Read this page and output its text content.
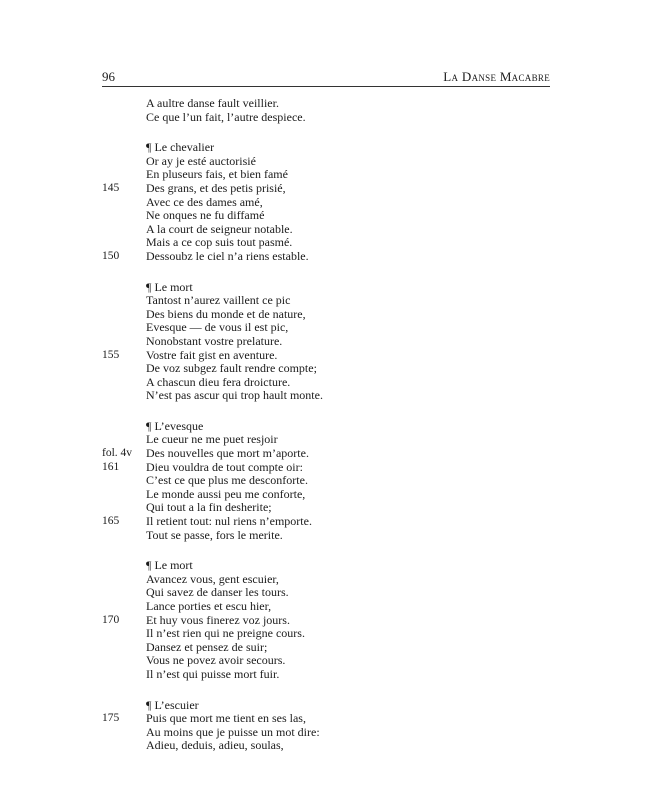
96	La Danse Macabre
A aultre danse fault veillier.
Ce que l’un fait, l’autre despiece.
¶ Le chevalier
Or ay je esté auctorisié
En pluseurs fais, et bien famé
145	Des grans, et des petis prisié,
Avec ce des dames amé,
Ne onques ne fu diffamé
A la court de seigneur notable.
Mais a ce cop suis tout pasmé.
150	Dessoubz le ciel n’a riens estable.
¶ Le mort
Tantost n’aurez vaillent ce pic
Des biens du monde et de nature,
Evesque — de vous il est pic,
Nonobstant vostre prelature.
155	Vostre fait gist en aventure.
De voz subgez fault rendre compte;
A chascun dieu fera droicture.
N’est pas ascur qui trop hault monte.
¶ L’evesque
Le cueur ne me puet resjoir
fol. 4v	Des nouvelles que mort m’aporte.
161	Dieu vouldra de tout compte oir:
C’est ce que plus me desconforte.
Le monde aussi peu me conforte,
Qui tout a la fin desherite;
165	Il retient tout: nul riens n’emporte.
Tout se passe, fors le merite.
¶ Le mort
Avancez vous, gent escuier,
Qui savez de danser les tours.
Lance porties et escu hier,
170	Et huy vous finerez voz jours.
Il n’est rien qui ne preigne cours.
Dansez et pensez de suir;
Vous ne povez avoir secours.
Il n’est qui puisse mort fuir.
¶ L’escuier
175	Puis que mort me tient en ses las,
Au moins que je puisse un mot dire:
Adieu, deduis, adieu, soulas,
